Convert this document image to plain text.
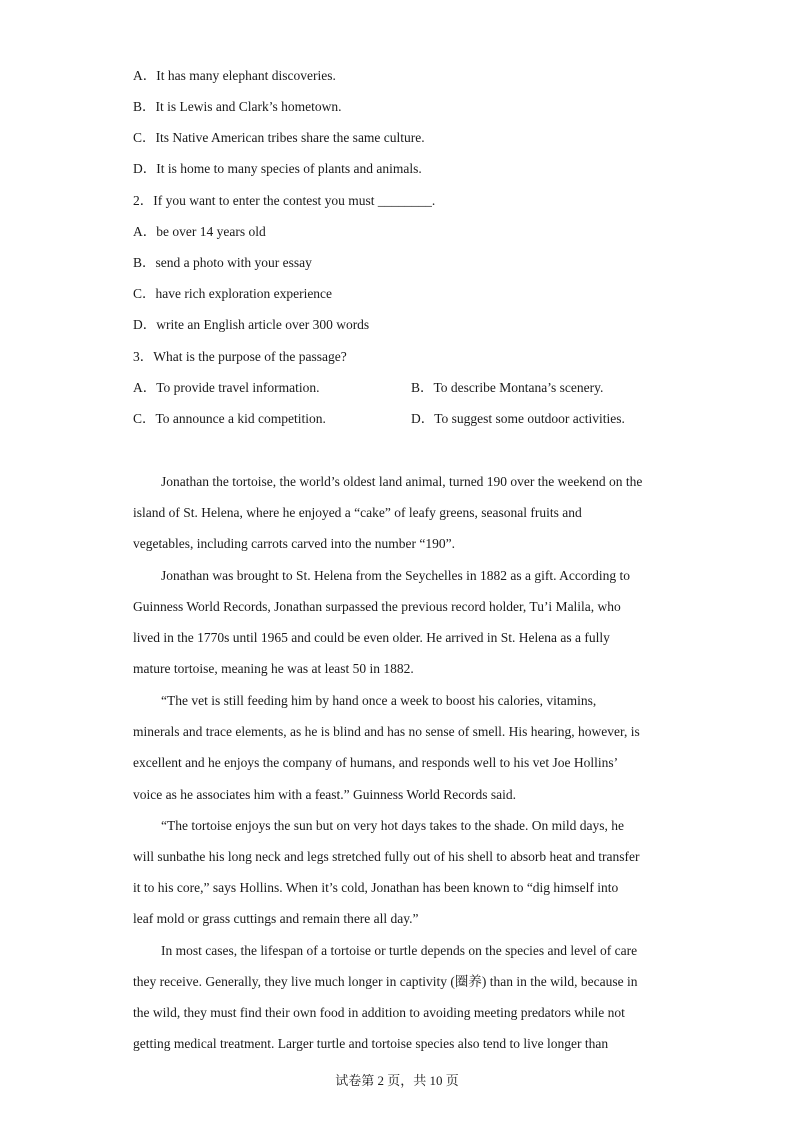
A．It has many elephant discoveries.
B．It is Lewis and Clark’s hometown.
C．Its Native American tribes share the same culture.
D．It is home to many species of plants and animals.
2．If you want to enter the contest you must ________.
A．be over 14 years old
B．send a photo with your essay
C．have rich exploration experience
D．write an English article over 300 words
3．What is the purpose of the passage?
A．To provide travel information.	B．To describe Montana’s scenery.
C．To announce a kid competition.	D．To suggest some outdoor activities.
Jonathan the tortoise, the world’s oldest land animal, turned 190 over the weekend on the
island of St. Helena, where he enjoyed a “cake” of leafy greens, seasonal fruits and
vegetables, including carrots carved into the number “190”.
Jonathan was brought to St. Helena from the Seychelles in 1882 as a gift. According to
Guinness World Records, Jonathan surpassed the previous record holder, Tu’i Malila, who
lived in the 1770s until 1965 and could be even older. He arrived in St. Helena as a fully
mature tortoise, meaning he was at least 50 in 1882.
“The vet is still feeding him by hand once a week to boost his calories, vitamins,
minerals and trace elements, as he is blind and has no sense of smell. His hearing, however, is
excellent and he enjoys the company of humans, and responds well to his vet Joe Hollins’
voice as he associates him with a feast.” Guinness World Records said.
“The tortoise enjoys the sun but on very hot days takes to the shade. On mild days, he
will sunbathe his long neck and legs stretched fully out of his shell to absorb heat and transfer
it to his core,” says Hollins. When it’s cold, Jonathan has been known to “dig himself into
leaf mold or grass cuttings and remain there all day.”
In most cases, the lifespan of a tortoise or turtle depends on the species and level of care
they receive. Generally, they live much longer in captivity (圈养) than in the wild, because in
the wild, they must find their own food in addition to avoiding meeting predators while not
getting medical treatment. Larger turtle and tortoise species also tend to live longer than
试卷第 2 页，共 10 页
